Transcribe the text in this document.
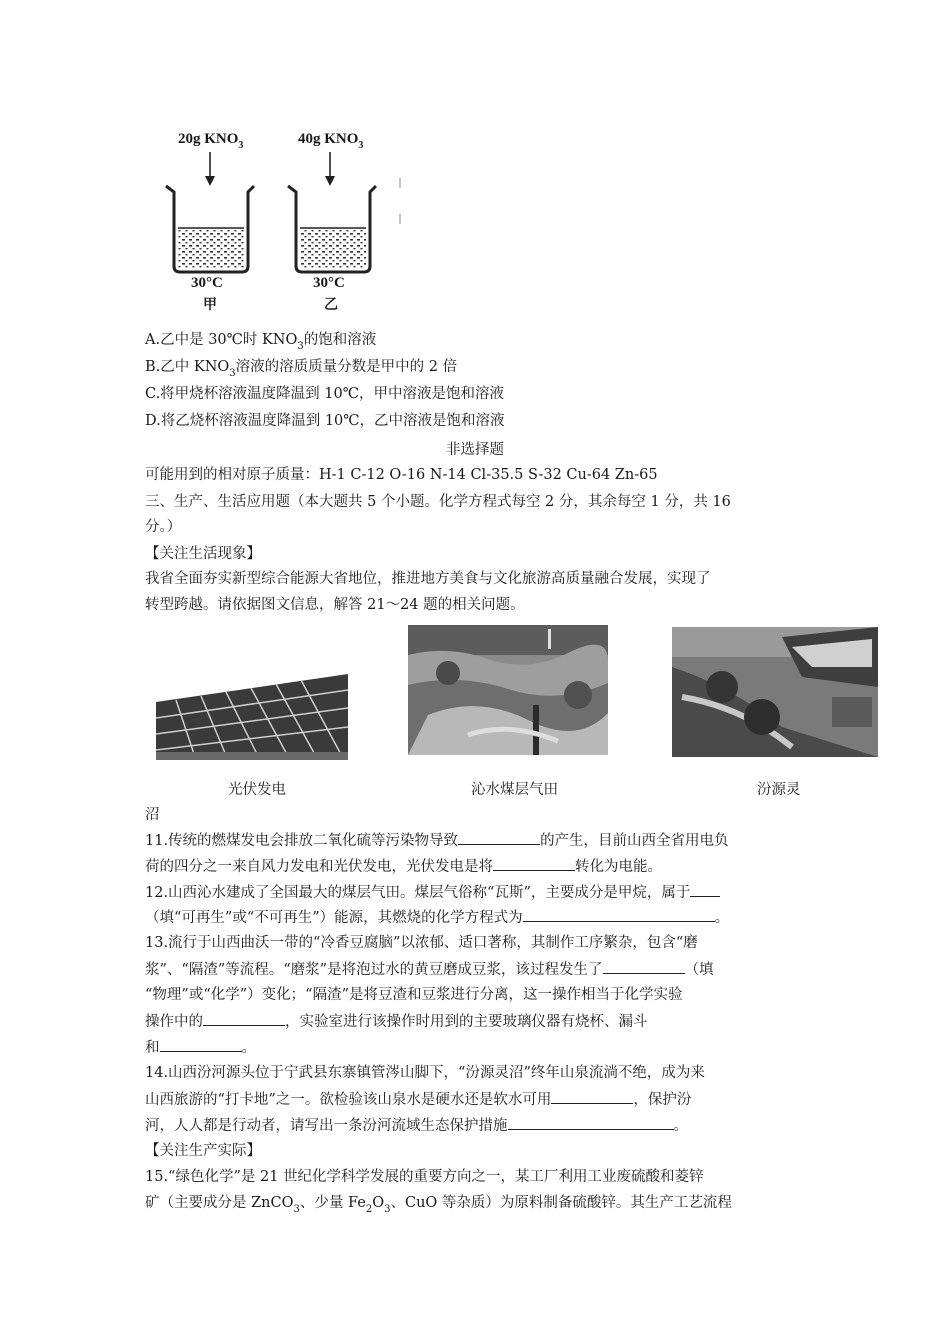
20g $KNO_3$	40g $KNO_3$
30°C	30°C
甲	乙
A.乙中是 30℃时 $KNO_3$的饱和溶液
B.乙中 $KNO_3$溶液的溶质质量分数是甲中的 2 倍
C.将甲烧杯溶液温度降温到 10℃，甲中溶液是饱和溶液
D.将乙烧杯溶液温度降温到 10℃，乙中溶液是饱和溶液
非选择题
可能用到的相对原子质量：H-1 C-12 O-16 N-14 Cl-35.5 S-32 Cu-64 Zn-65
三、生产、生活应用题（本大题共 5 个小题。化学方程式每空 2 分，其余每空 1 分，共 16
分。）
【关注生活现象】
我省全面夯实新型综合能源大省地位，推进地方美食与文化旅游高质量融合发展，实现了
转型跨越。请依据图文信息，解答 21～24 题的相关问题。
光伏发电	沁水煤层气田	汾源灵
沼
11.传统的燃煤发电会排放二氧化硫等污染物导致	的产生，目前山西全省用电负
荷的四分之一来自风力发电和光伏发电，光伏发电是将	转化为电能。
12.山西沁水建成了全国最大的煤层气田。煤层气俗称“瓦斯”，主要成分是甲烷，属于
（填“可再生”或“不可再生”）能源，其燃烧的化学方程式为	。
13.流行于山西曲沃一带的“冷香豆腐脑”以浓郁、适口著称，其制作工序繁杂，包含“磨
浆”、“隔渣”等流程。“磨浆”是将泡过水的黄豆磨成豆浆，该过程发生了	（填
“物理”或“化学”）变化；“隔渣”是将豆渣和豆浆进行分离，这一操作相当于化学实验
操作中的	，实验室进行该操作时用到的主要玻璃仪器有烧杯、漏斗
和	。
14.山西汾河源头位于宁武县东寨镇管涔山脚下，“汾源灵沼”终年山泉流淌不绝，成为来
山西旅游的“打卡地”之一。欲检验该山泉水是硬水还是软水可用	，保护汾
河，人人都是行动者，请写出一条汾河流域生态保护措施	。
【关注生产实际】
15.“绿色化学”是 21 世纪化学科学发展的重要方向之一，某工厂利用工业废硫酸和菱锌
矿（主要成分是 ZnCO$_3$、少量 $Fe_2O_3$、CuO 等杂质）为原料制备硫酸锌。其生产工艺流程
